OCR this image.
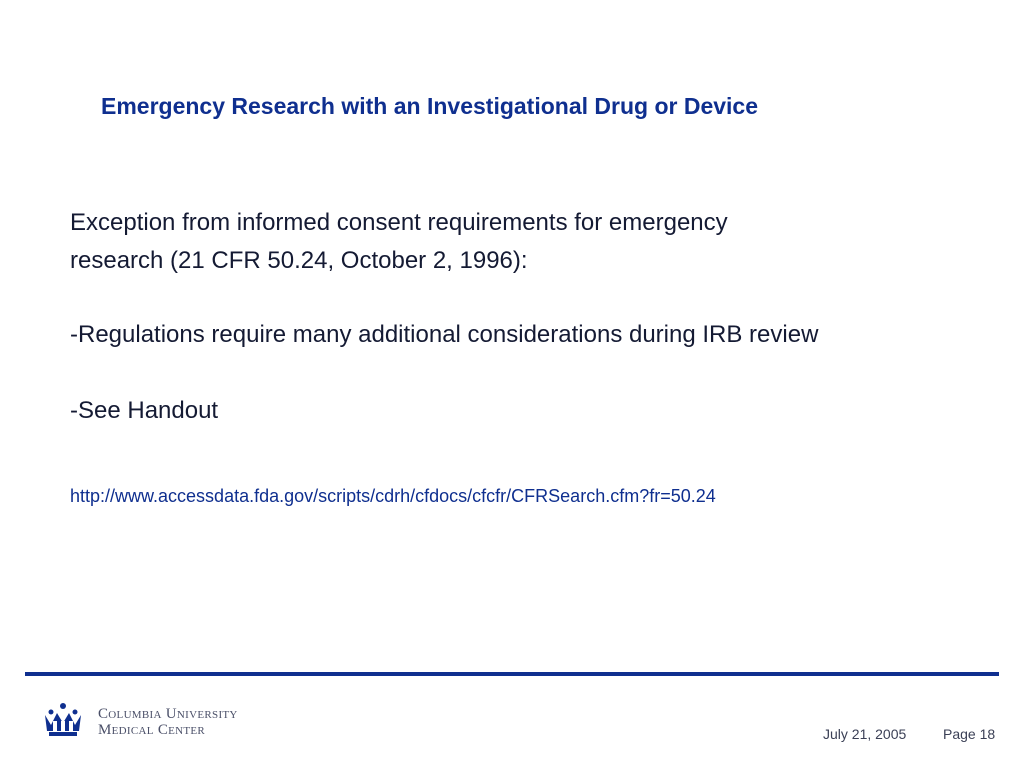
Emergency Research with an Investigational Drug or Device
Exception from informed consent requirements for emergency
research (21 CFR 50.24, October 2, 1996):
-Regulations require many additional considerations during IRB review
-See Handout
http://www.accessdata.fda.gov/scripts/cdrh/cfdocs/cfcfr/CFRSearch.cfm?fr=50.24
Columbia University
Medical Center	July 21, 2005	Page 18
